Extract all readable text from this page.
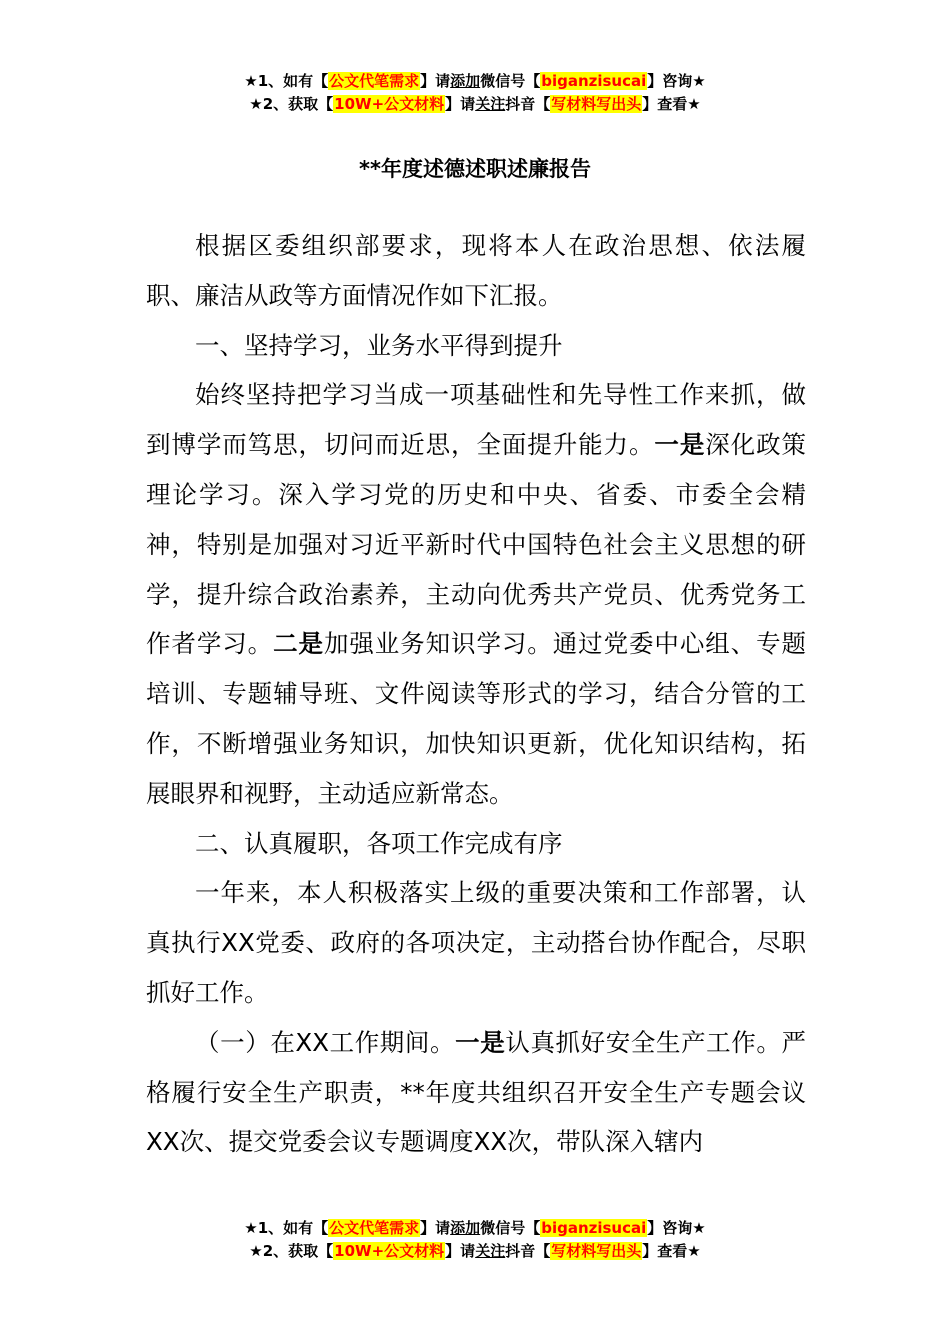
★1、如有【公文代笔需求】请添加微信号【biganzisucai】咨询★
★2、获取【10W+公文材料】请关注抖音【写材料写出头】查看★
**年度述德述职述廉报告

根据区委组织部要求，现将本人在政治思想、依法履职、廉洁从政等方面情况作如下汇报。

一、坚持学习，业务水平得到提升

始终坚持把学习当成一项基础性和先导性工作来抓，做到博学而笃思，切问而近思，全面提升能力。一是深化政策理论学习。深入学习党的历史和中央、省委、市委全会精神，特别是加强对习近平新时代中国特色社会主义思想的研学，提升综合政治素养，主动向优秀共产党员、优秀党务工作者学习。二是加强业务知识学习。通过党委中心组、专题培训、专题辅导班、文件阅读等形式的学习，结合分管的工作，不断增强业务知识，加快知识更新，优化知识结构，拓展眼界和视野，主动适应新常态。

二、认真履职，各项工作完成有序

一年来，本人积极落实上级的重要决策和工作部署，认真执行XX党委、政府的各项决定，主动搭台协作配合，尽职抓好工作。

（一）在XX工作期间。一是认真抓好安全生产工作。严格履行安全生产职责，**年度共组织召开安全生产专题会议XX次、提交党委会议专题调度XX次，带队深入辖内

★1、如有【公文代笔需求】请添加微信号【biganzisucai】咨询★
★2、获取【10W+公文材料】请关注抖音【写材料写出头】查看★
